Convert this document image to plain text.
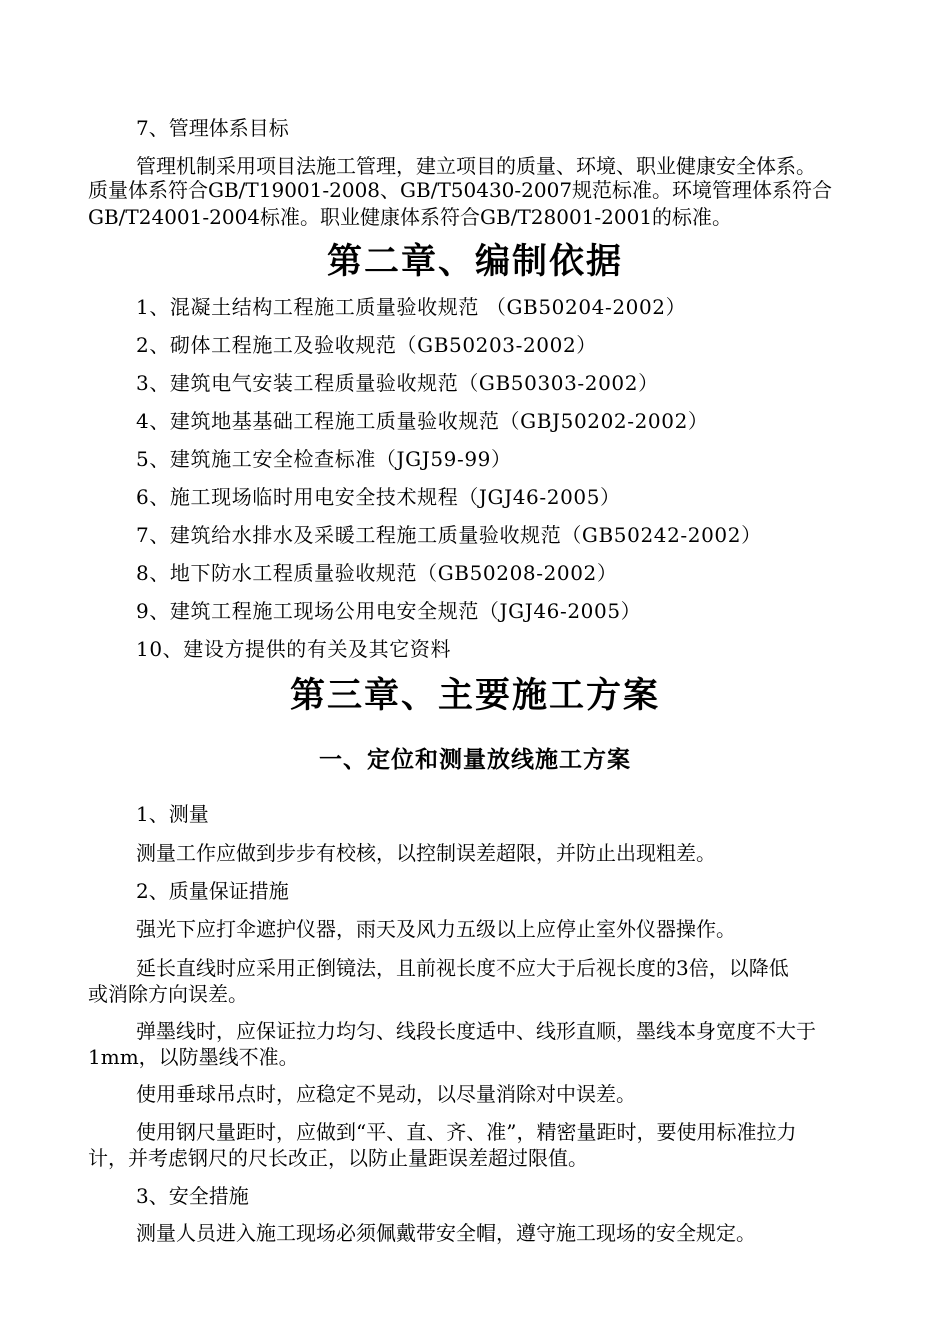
7、管理体系目标

管理机制采用项目法施工管理，建立项目的质量、环境、职业健康安全体系。

质量体系符合GB/T19001-2008、GB/T50430-2007规范标准。环境管理体系符合

GB/T24001-2004标准。职业健康体系符合GB/T28001-2001的标准。

第二章、编制依据

1、混凝土结构工程施工质量验收规范 （GB50204-2002）

2、砌体工程施工及验收规范（GB50203-2002）

3、建筑电气安装工程质量验收规范（GB50303-2002）

4、建筑地基基础工程施工质量验收规范（GBJ50202-2002）

5、建筑施工安全检查标准（JGJ59-99）

6、施工现场临时用电安全技术规程（JGJ46-2005）

7、建筑给水排水及采暖工程施工质量验收规范（GB50242-2002）

8、地下防水工程质量验收规范（GB50208-2002）

9、建筑工程施工现场公用电安全规范（JGJ46-2005）

10、建设方提供的有关及其它资料

第三章、主要施工方案
一、定位和测量放线施工方案

1、测量

测量工作应做到步步有校核，以控制误差超限，并防止出现粗差。

2、质量保证措施

强光下应打伞遮护仪器，雨天及风力五级以上应停止室外仪器操作。

延长直线时应采用正倒镜法，且前视长度不应大于后视长度的3倍，以降低

或消除方向误差。

弹墨线时，应保证拉力均匀、线段长度适中、线形直顺，墨线本身宽度不大于

1mm，以防墨线不准。

使用垂球吊点时，应稳定不晃动，以尽量消除对中误差。

使用钢尺量距时，应做到“平、直、齐、准”，精密量距时，要使用标准拉力

计，并考虑钢尺的尺长改正，以防止量距误差超过限值。

3、安全措施

测量人员进入施工现场必须佩戴带安全帽，遵守施工现场的安全规定。
